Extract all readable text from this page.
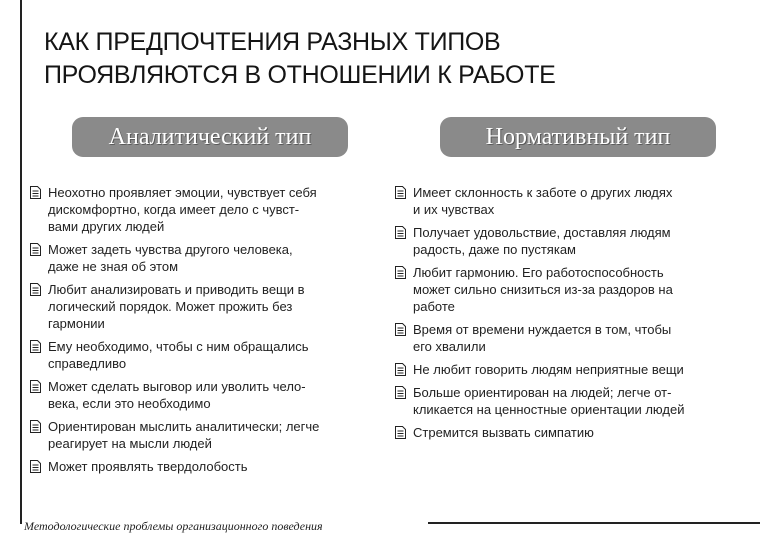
КАК ПРЕДПОЧТЕНИЯ РАЗНЫХ ТИПОВ
ПРОЯВЛЯЮТСЯ В ОТНОШЕНИИ К РАБОТЕ
Аналитический тип	Нормативный тип
Неохотно проявляет эмоции, чувствует себя
дискомфортно, когда имеет дело с чувст-
вами других людей
Может задеть чувства другого человека,
даже не зная об этом
Любит анализировать и приводить вещи в
логический порядок. Может прожить без
гармонии
Ему необходимо, чтобы с ним обращались
справедливо
Может сделать выговор или уволить чело-
века, если это необходимо
Ориентирован мыслить аналитически; легче
реагирует на мысли людей
Может проявлять твердолобость
Имеет склонность к заботе о других людях
и их чувствах
Получает удовольствие, доставляя людям
радость, даже по пустякам
Любит гармонию. Его работоспособность
может сильно снизиться из-за раздоров на
работе
Время от времени нуждается в том, чтобы
его хвалили
Не любит говорить людям неприятные вещи
Больше ориентирован на людей; легче от-
кликается на ценностные ориентации людей
Стремится вызвать симпатию
Методологические проблемы организационного поведения
